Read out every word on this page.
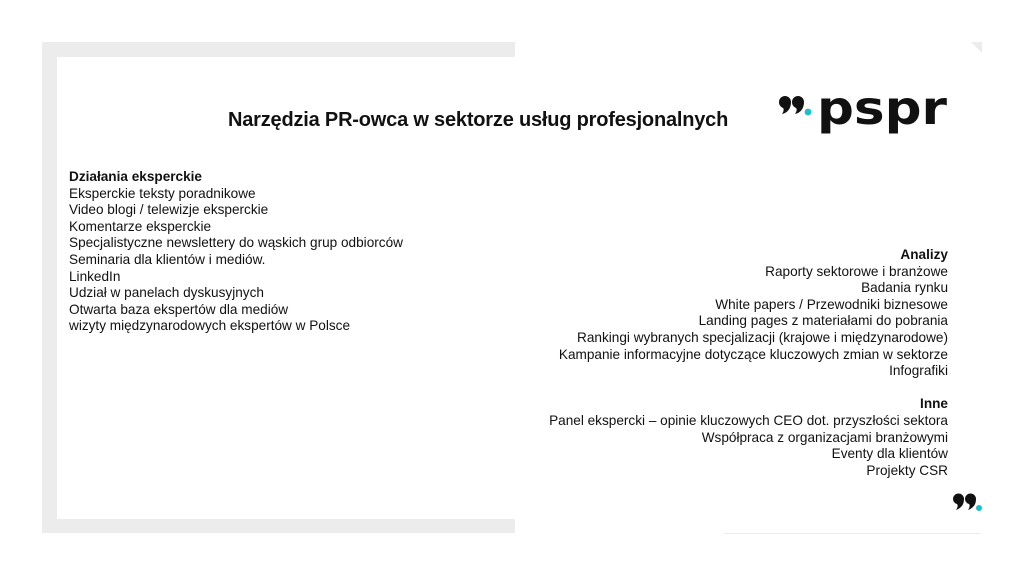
Narzędzia PR-owca w sektorze usług profesjonalnych pspr
Działania eksperckie
Eksperckie teksty poradnikowe
Video blogi / telewizje eksperckie
Komentarze eksperckie
Specjalistyczne newslettery do wąskich grup odbiorców
Seminaria dla klientów i mediów.
LinkedIn
Udział w panelach dyskusyjnych
Otwarta baza ekspertów dla mediów
wizyty międzynarodowych ekspertów w Polsce
Analizy
Raporty sektorowe i branżowe
Badania rynku
White papers / Przewodniki biznesowe
Landing pages z materiałami do pobrania
Rankingi wybranych specjalizacji (krajowe i międzynarodowe)
Kampanie informacyjne dotyczące kluczowych zmian w sektorze
Infografiki
Inne
Panel ekspercki – opinie kluczowych CEO dot. przyszłości sektora
Współpraca z organizacjami branżowymi
Eventy dla klientów
Projekty CSR
